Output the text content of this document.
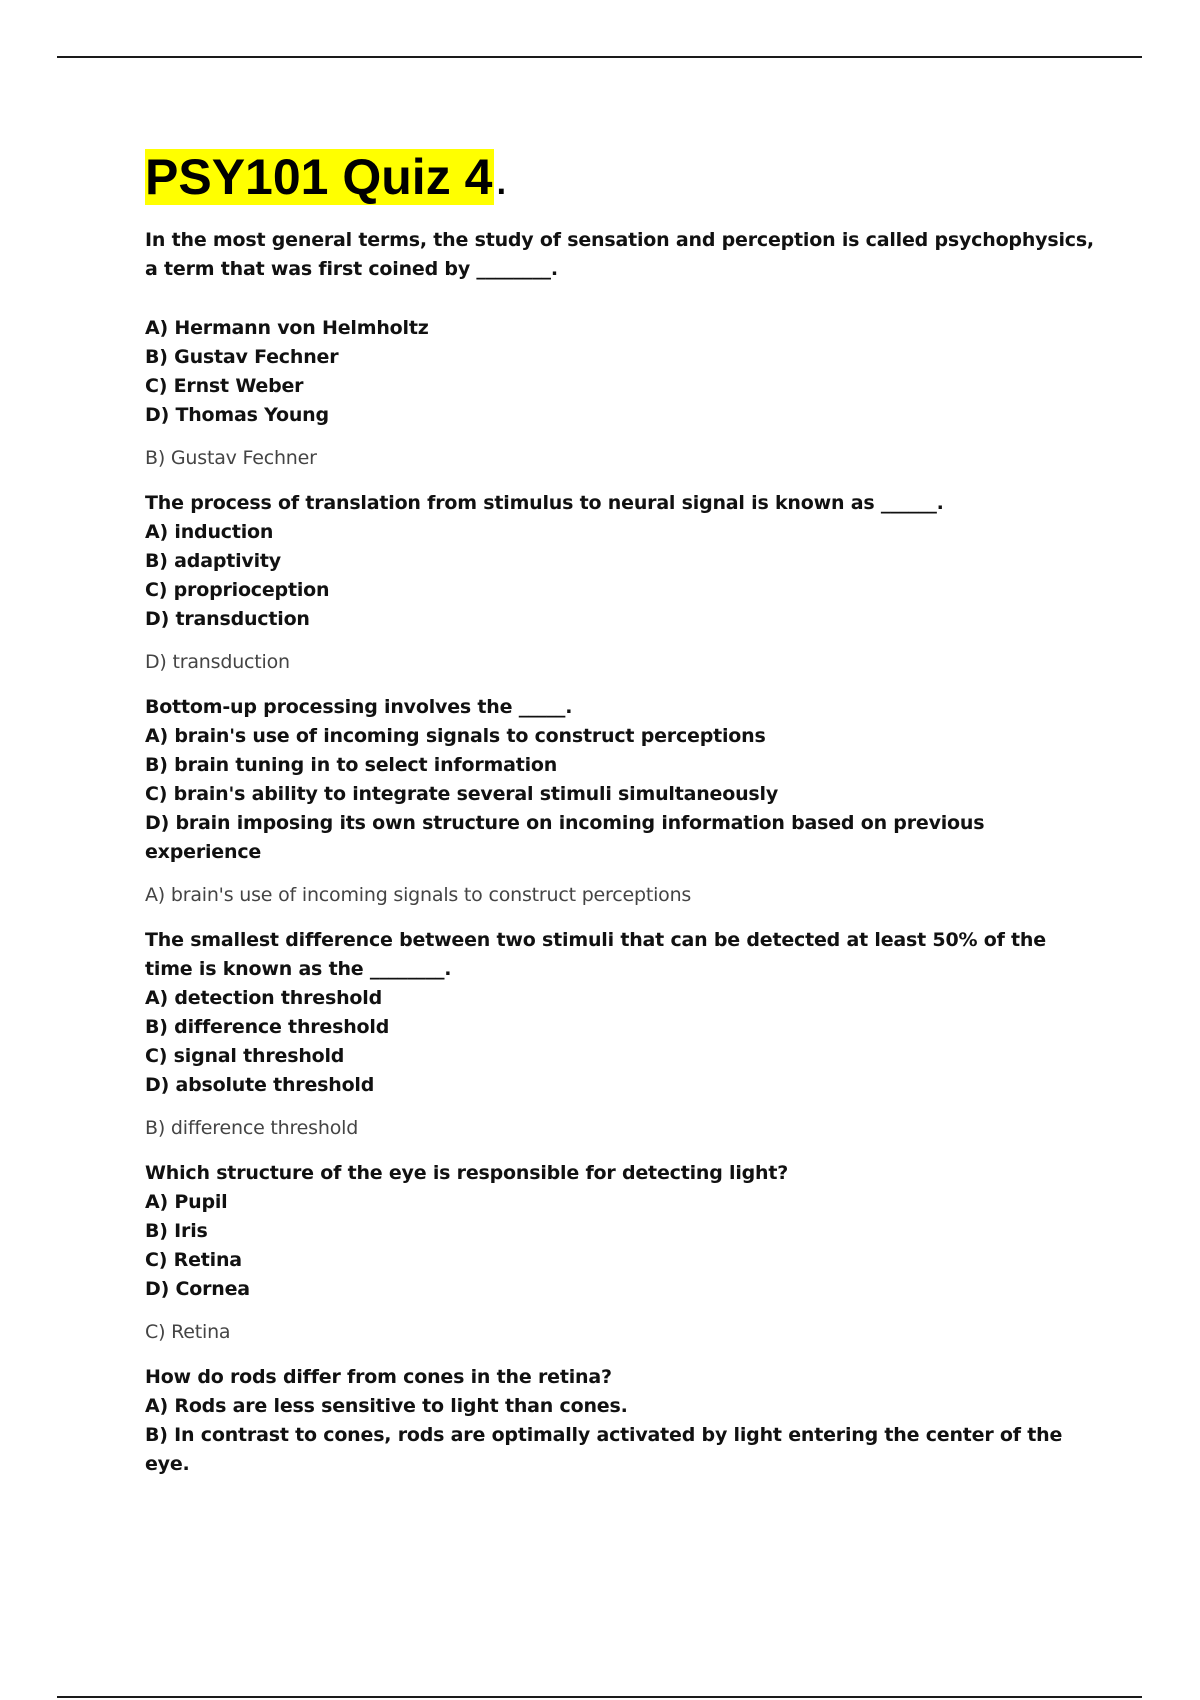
PSY101 Quiz 4.

In the most general terms, the study of sensation and perception is called psychophysics, a term that was first coined by ________.

A) Hermann von Helmholtz
B) Gustav Fechner
C) Ernst Weber
D) Thomas Young

B) Gustav Fechner

The process of translation from stimulus to neural signal is known as ______.

A) induction
B) adaptivity
C) proprioception
D) transduction

D) transduction

Bottom-up processing involves the _____.

A) brain's use of incoming signals to construct perceptions
B) brain tuning in to select information
C) brain's ability to integrate several stimuli simultaneously
D) brain imposing its own structure on incoming information based on previous experience

A) brain's use of incoming signals to construct perceptions

The smallest difference between two stimuli that can be detected at least 50% of the time is known as the ________.

A) detection threshold
B) difference threshold
C) signal threshold
D) absolute threshold

B) difference threshold

Which structure of the eye is responsible for detecting light?

A) Pupil
B) Iris
C) Retina
D) Cornea

C) Retina

How do rods differ from cones in the retina?

A) Rods are less sensitive to light than cones.
B) In contrast to cones, rods are optimally activated by light entering the center of the eye.
